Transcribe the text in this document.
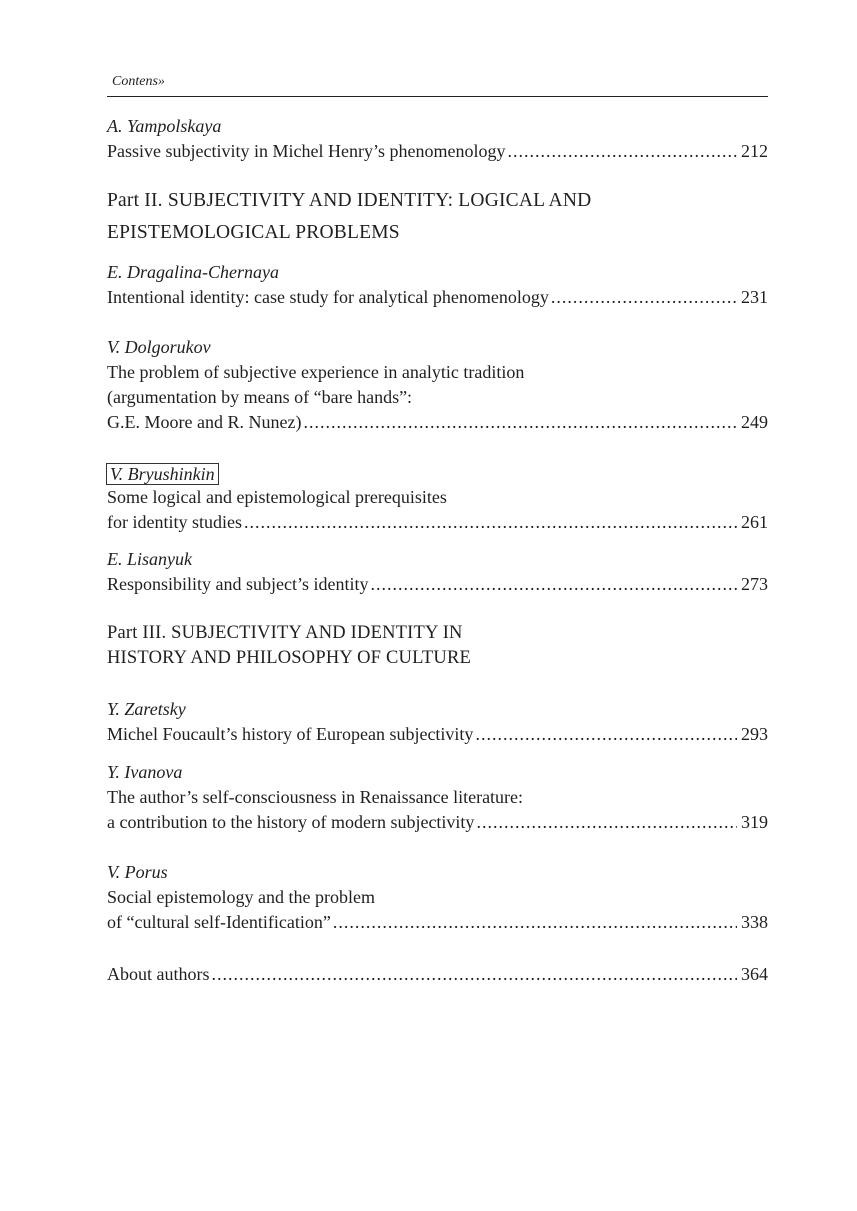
Contens»
A. Yampolskaya
Passive subjectivity in Michel Henry’s phenomenology .....	212
Part II. SUBJECTIVITY AND IDENTITY: LOGICAL AND
EPISTEMOLOGICAL PROBLEMS
E. Dragalina-Chernaya
Intentional identity: case study for analytical phenomenology .....	231
V. Dolgorukov
The problem of subjective experience in analytic tradition
(argumentation by means of “bare hands”:
G.E. Moore and R. Nunez) .....	249
V. Bryushinkin
Some logical and epistemological prerequisites
for identity studies .....	261
E. Lisanyuk
Responsibility and subject’s identity .....	273
Part III. SUBJECTIVITY AND IDENTITY IN
HISTORY AND PHILOSOPHY OF CULTURE
Y. Zaretsky
Michel Foucault’s history of European subjectivity .....	293
Y. Ivanova
The author’s self-consciousness in Renaissance literature:
a contribution to the history of modern subjectivity .....	319
V. Porus
Social epistemology and the problem
of “cultural self-Identification” .....	338
About authors .....	364
